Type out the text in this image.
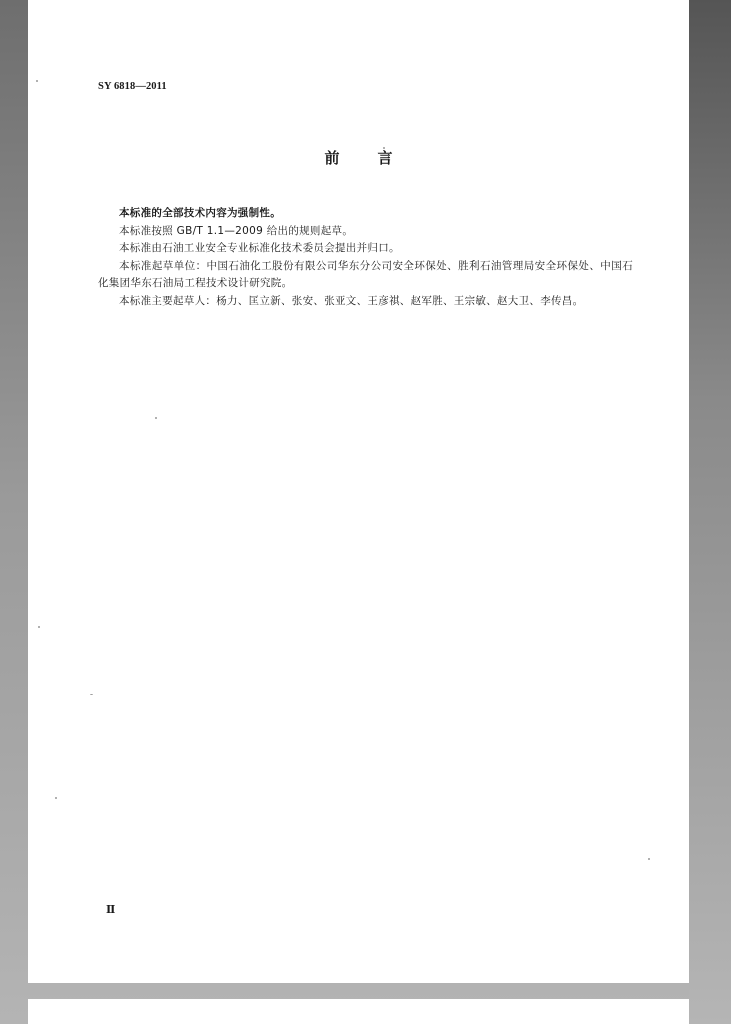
SY 6818—2011
前	言

本标准的全部技术内容为强制性。

本标准按照 GB/T 1.1—2009 给出的规则起草。

本标准由石油工业安全专业标准化技术委员会提出并归口。

本标准起草单位：中国石油化工股份有限公司华东分公司安全环保处、胜利石油管理局安全环保处、中国石化集团华东石油局工程技术设计研究院。

本标准主要起草人：杨力、匡立新、张安、张亚文、王彦祺、赵军胜、王宗敏、赵大卫、李传昌。

Ⅱ
